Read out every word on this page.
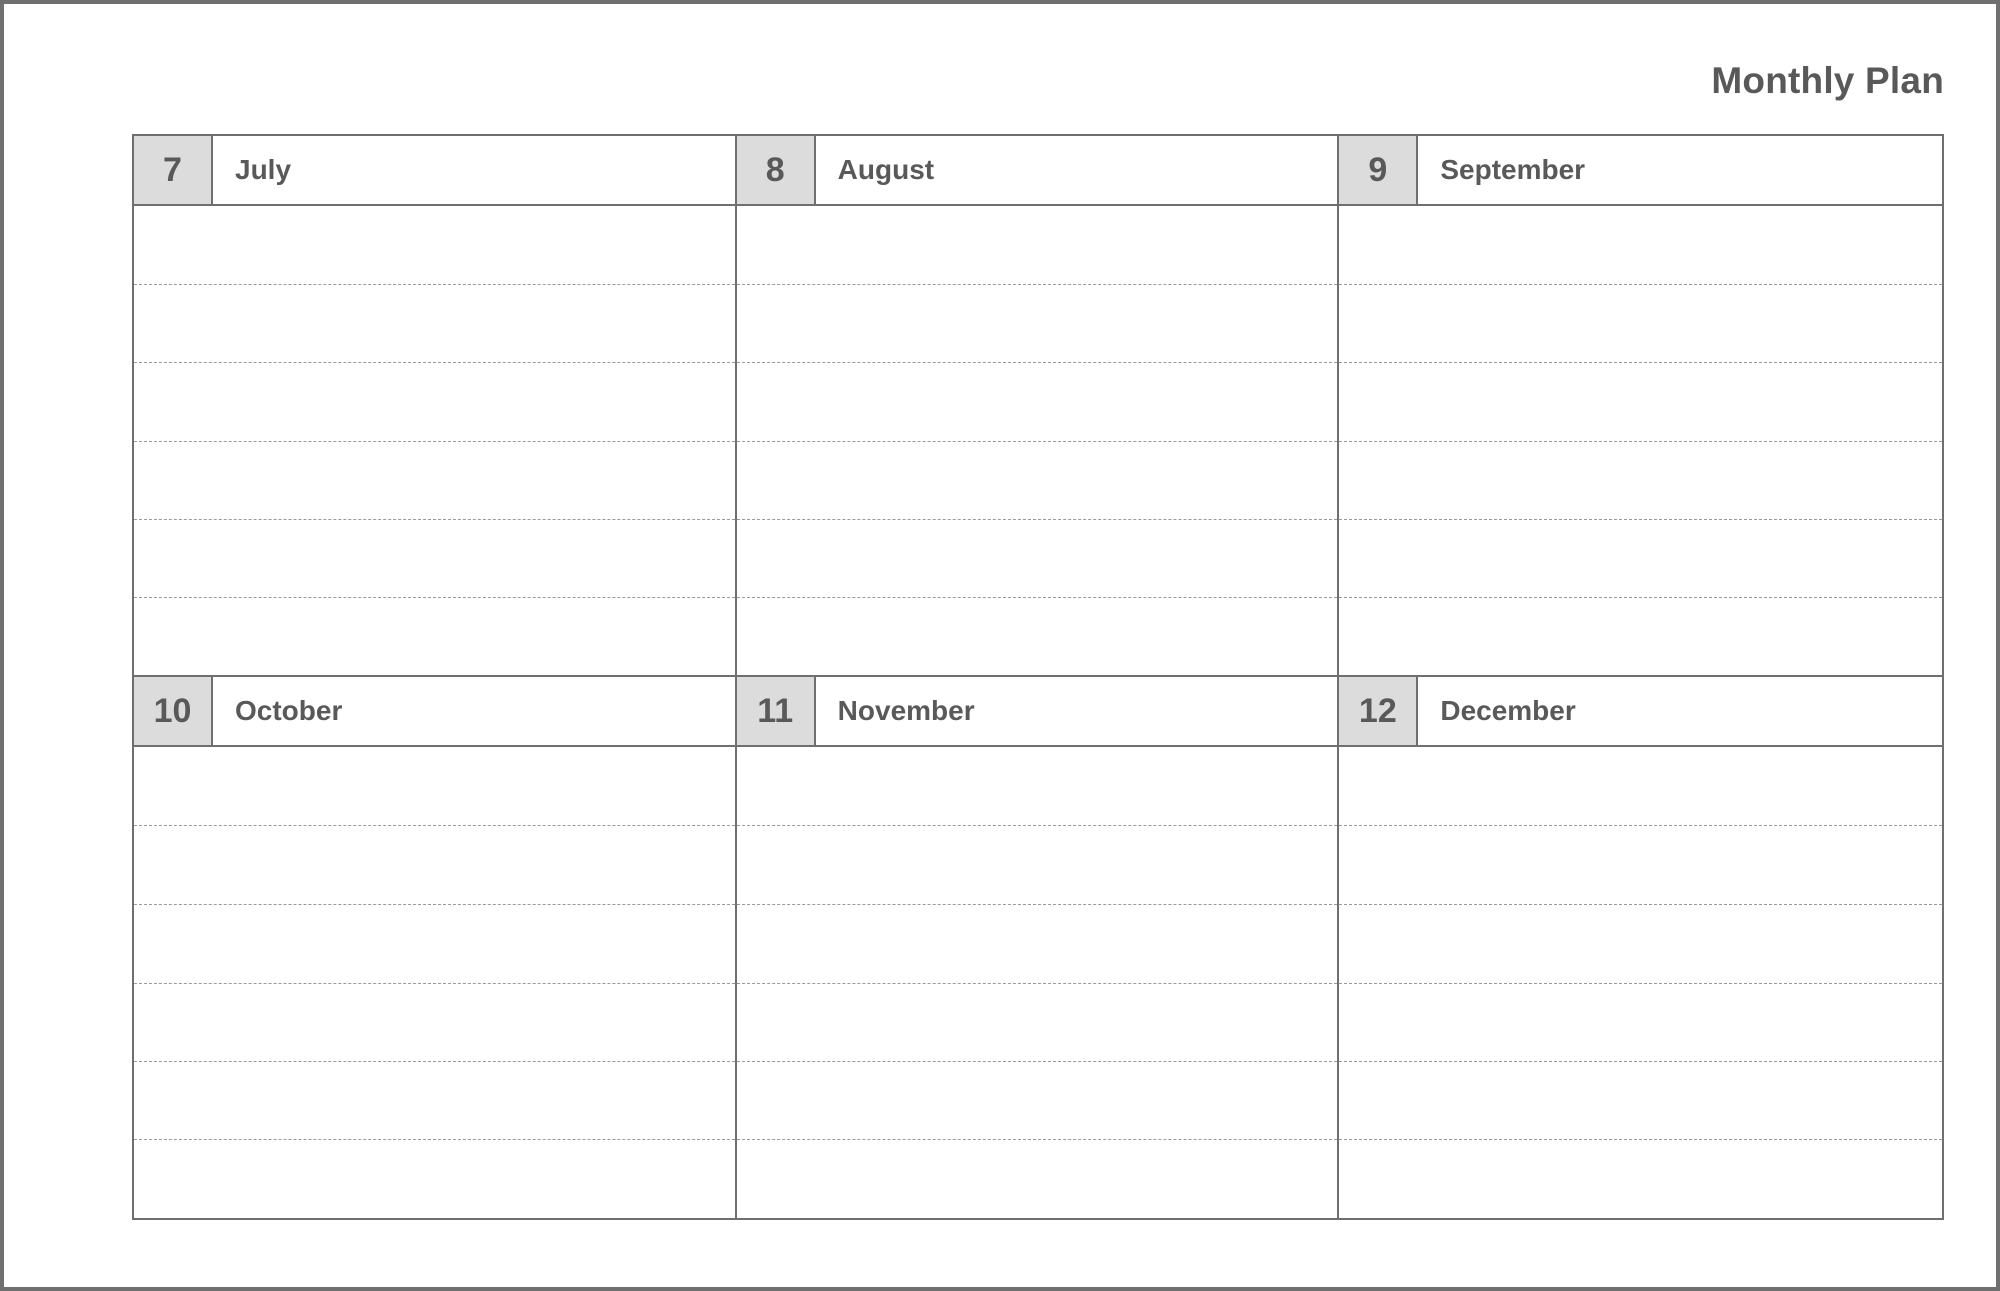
Monthly Plan
7	July	8	August	9	September
10	October	11	November	12	December
